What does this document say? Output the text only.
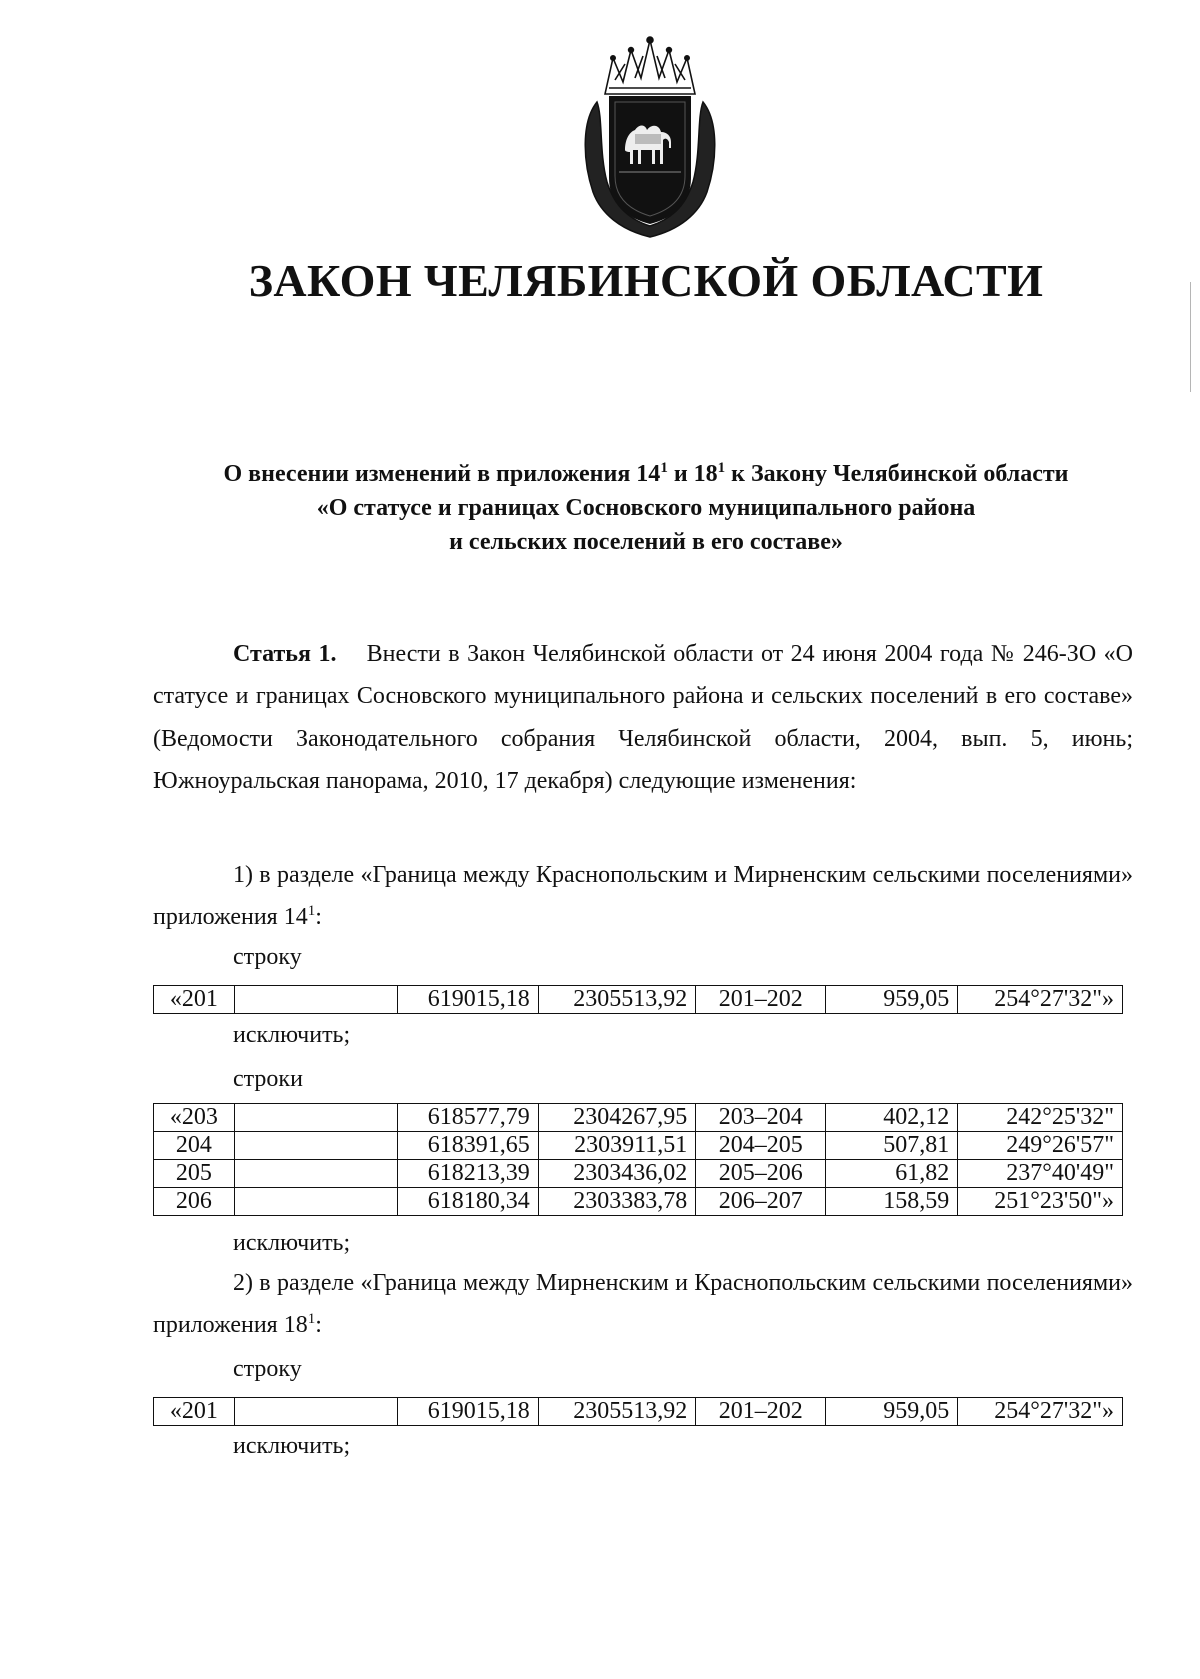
ЗАКОН ЧЕЛЯБИНСКОЙ ОБЛАСТИ
О внесении изменений в приложения $14^1$ и $18^1$ к Закону Челябинской области
«О статусе и границах Сосновского муниципального района
и сельских поселений в его составе»

Статья 1. Внести в Закон Челябинской области от 24 июня 2004 года № 246-ЗО «О статусе и границах Сосновского муниципального района и сельских поселений в его составе» (Ведомости Законодательного собрания Челябинской области, 2004, вып. 5, июнь; Южноуральская панорама, 2010, 17 декабря) следующие изменения:

1) в разделе «Граница между Краснопольским и Мирненским сельскими поселениями» приложения $14^1$:

строку

«201		619015,18	2305513,92	201–202	959,05	254°27'32"»

исключить;

строки

«203		618577,79	2304267,95	203–204	402,12	242°25'32"
204		618391,65	2303911,51	204–205	507,81	249°26'57"
205		618213,39	2303436,02	205–206	61,82	237°40'49"
206		618180,34	2303383,78	206–207	158,59	251°23'50"»

исключить;

2) в разделе «Граница между Мирненским и Краснопольским сельскими поселениями» приложения $18^1$:

строку

«201		619015,18	2305513,92	201–202	959,05	254°27'32"»

исключить;
